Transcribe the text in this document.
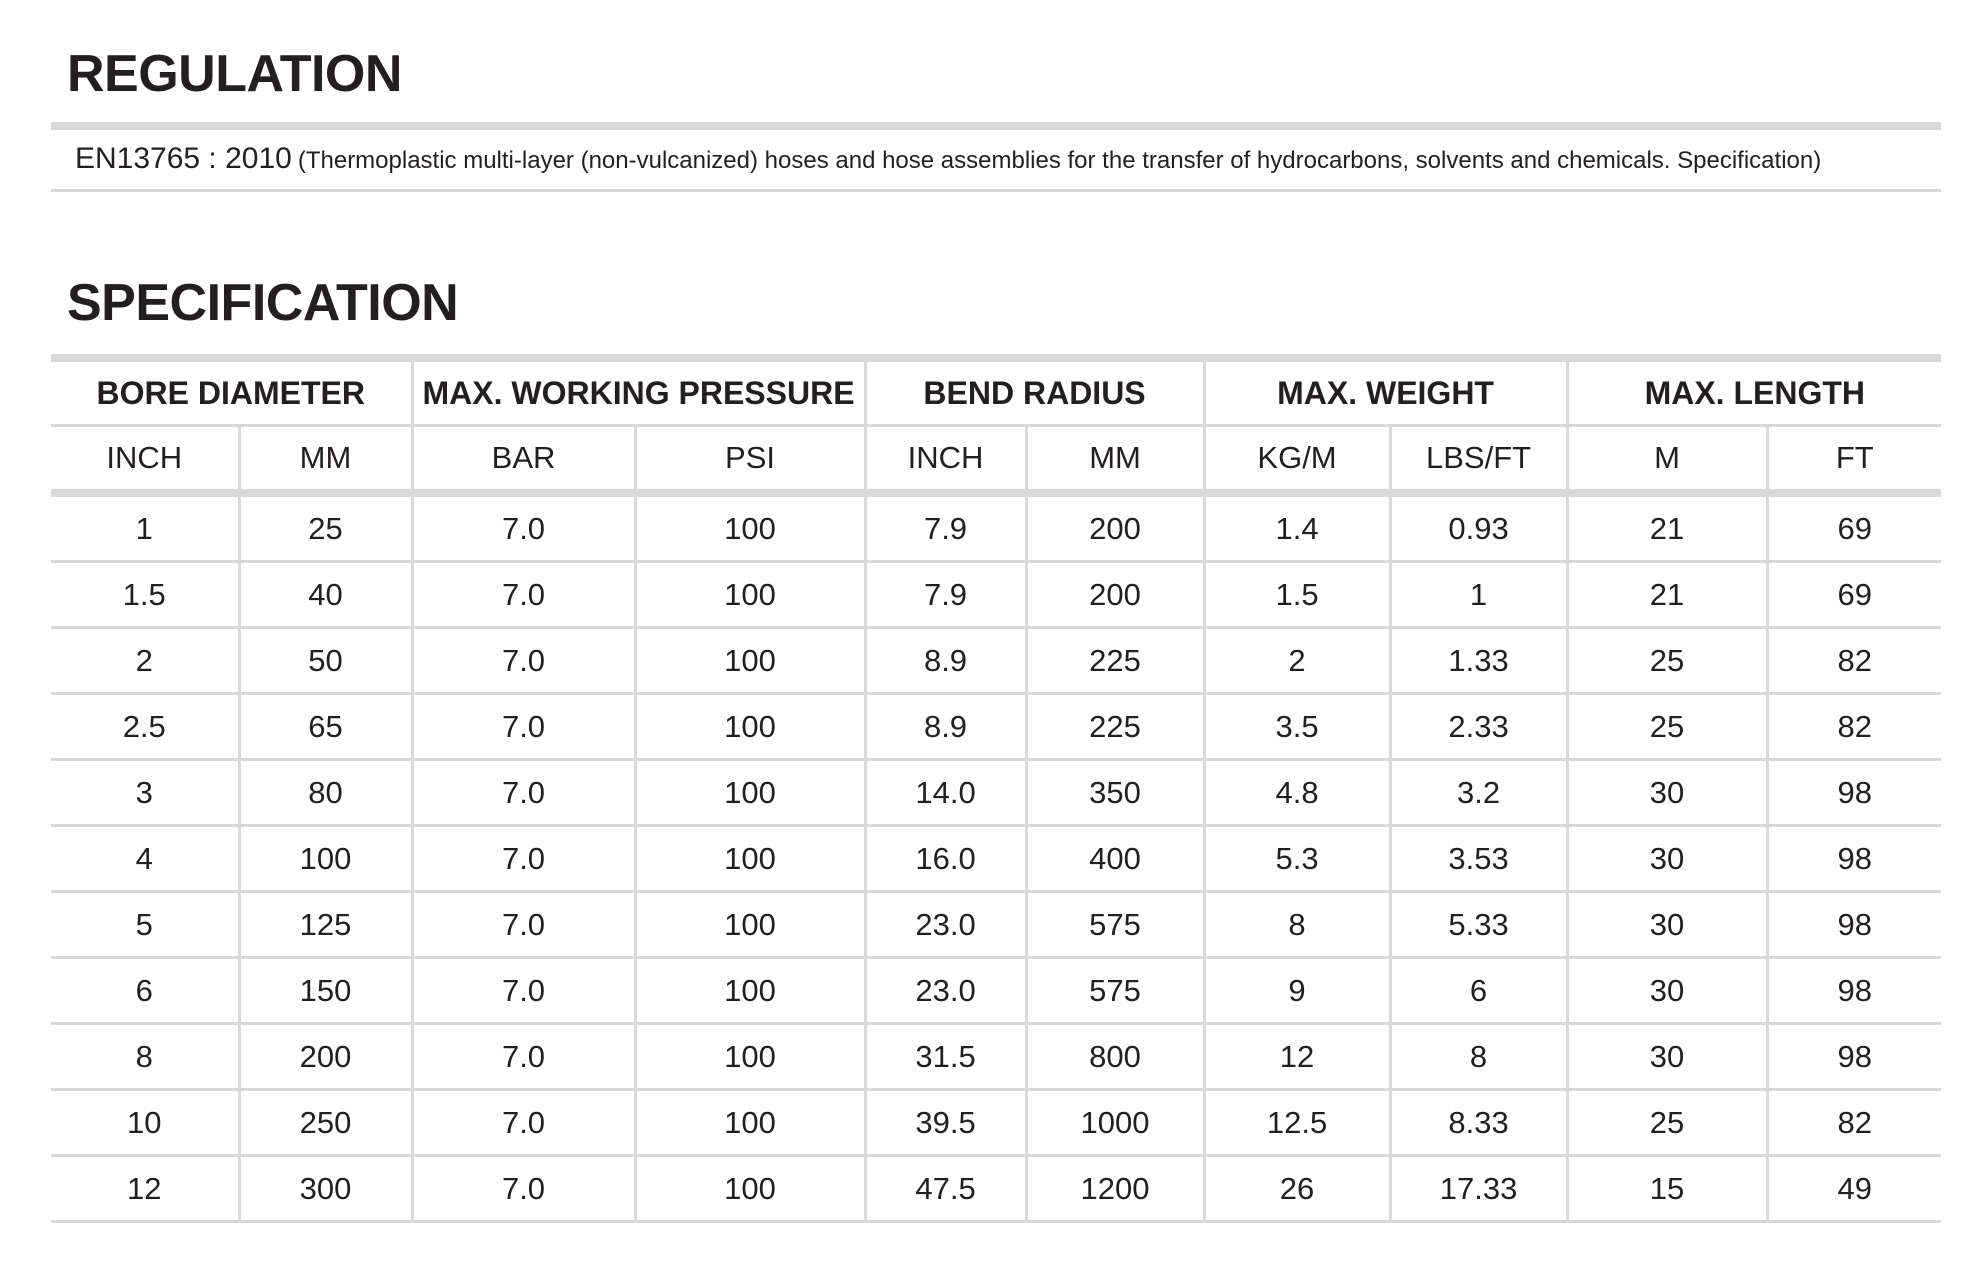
REGULATION
EN13765 : 2010 (Thermoplastic multi-layer (non-vulcanized) hoses and hose assemblies for the transfer of hydrocarbons, solvents and chemicals. Specification)
SPECIFICATION
BORE DIAMETER		MAX. WORKING PRESSURE		BEND RADIUS		MAX. WEIGHT		MAX. LENGTH	
INCH	MM	BAR	PSI	INCH	MM	KG/M	LBS/FT	M	FT
1	25	7.0	100	7.9	200	1.4	0.93	21	69
1.5	40	7.0	100	7.9	200	1.5	1	21	69
2	50	7.0	100	8.9	225	2	1.33	25	82
2.5	65	7.0	100	8.9	225	3.5	2.33	25	82
3	80	7.0	100	14.0	350	4.8	3.2	30	98
4	100	7.0	100	16.0	400	5.3	3.53	30	98
5	125	7.0	100	23.0	575	8	5.33	30	98
6	150	7.0	100	23.0	575	9	6	30	98
8	200	7.0	100	31.5	800	12	8	30	98
10	250	7.0	100	39.5	1000	12.5	8.33	25	82
12	300	7.0	100	47.5	1200	26	17.33	15	49
